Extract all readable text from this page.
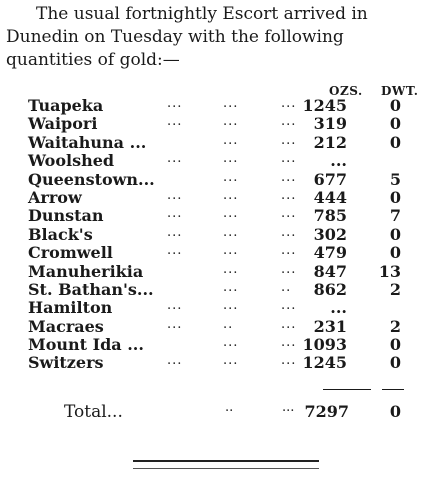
The usual fortnightly Escort arrived in
Dunedin on Tuesday with the following
quantities of gold:—

OZS. DWT.
Tuapeka	...	...	... 1245	0
Waipori	...	...	... 319	0
Waitahuna ...	...	... 212	0
Woolshed	...	...	... ...
Queenstown...	...	... 677	5
Arrow	...	...	... 444	0
Dunstan	...	...	... 785	7
Black's	...	...	... 302	0
Cromwell	...	...	... 479	0
Manuherikia	...	... 847 13
St. Bathan's...	...	.. 862	2
Hamilton	...	...	... ...
Macraes	...	..	... 231	2
Mount Ida ...	...	... 1093	0
Switzers	...	...	... 1245	0
Total...	..	... 7297	0
